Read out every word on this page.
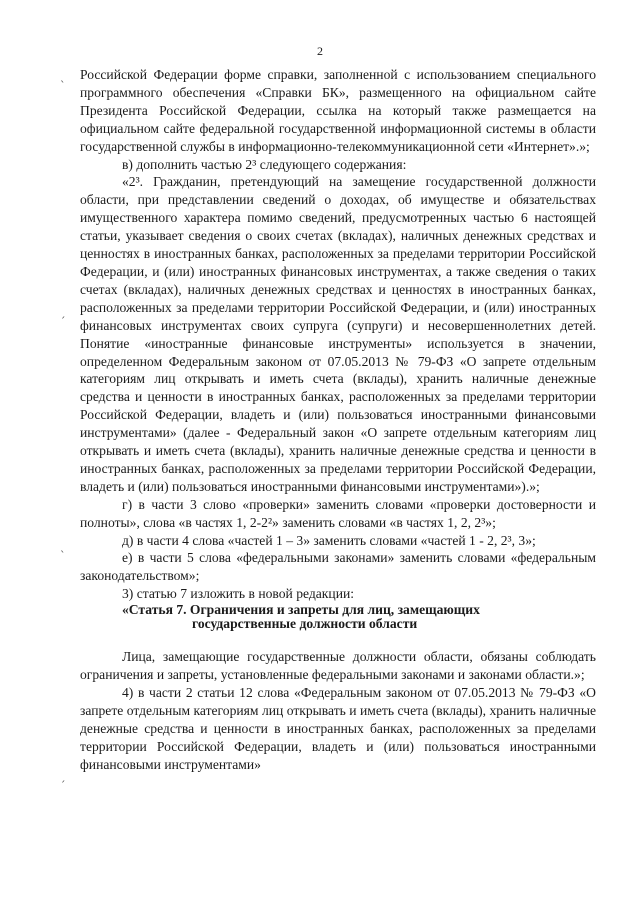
2
ˎ
ˏ
ˎ
ˏ

Российской Федерации форме справки, заполненной с использованием специального программного обеспечения «Справки БК», размещенного на официальном сайте Президента Российской Федерации, ссылка на который также размещается на официальном сайте федеральной государственной информационной системы в области государственной службы в информационно-телекоммуникационной сети «Интернет».»;

в) дополнить частью 2³ следующего содержания:

«2³. Гражданин, претендующий на замещение государственной должности области, при представлении сведений о доходах, об имуществе и обязательствах имущественного характера помимо сведений, предусмотренных частью 6 настоящей статьи, указывает сведения о своих счетах (вкладах), наличных денежных средствах и ценностях в иностранных банках, расположенных за пределами территории Российской Федерации, и (или) иностранных финансовых инструментах, а также сведения о таких счетах (вкладах), наличных денежных средствах и ценностях в иностранных банках, расположенных за пределами территории Российской Федерации, и (или) иностранных финансовых инструментах своих супруга (супруги) и несовершеннолетних детей. Понятие «иностранные финансовые инструменты» используется в значении, определенном Федеральным законом от 07.05.2013 № 79-ФЗ «О запрете отдельным категориям лиц открывать и иметь счета (вклады), хранить наличные денежные средства и ценности в иностранных банках, расположенных за пределами территории Российской Федерации, владеть и (или) пользоваться иностранными финансовыми инструментами» (далее - Федеральный закон «О запрете отдельным категориям лиц открывать и иметь счета (вклады), хранить наличные денежные средства и ценности в иностранных банках, расположенных за пределами территории Российской Федерации, владеть и (или) пользоваться иностранными финансовыми инструментами»).»;

г) в части 3 слово «проверки» заменить словами «проверки достоверности и полноты», слова «в частях 1, 2-2²» заменить словами «в частях 1, 2, 2³»;

д) в части 4 слова «частей 1 – 3» заменить словами «частей 1 - 2, 2³, 3»;

е) в части 5 слова «федеральными законами» заменить словами «федеральным законодательством»;

3) статью 7 изложить в новой редакции:

«Статья 7. Ограничения и запреты для лиц, замещающих
государственные должности области

Лица, замещающие государственные должности области, обязаны соблюдать ограничения и запреты, установленные федеральными законами и законами области.»;

4) в части 2 статьи 12 слова «Федеральным законом от 07.05.2013 № 79-ФЗ «О запрете отдельным категориям лиц открывать и иметь счета (вклады), хранить наличные денежные средства и ценности в иностранных банках, расположенных за пределами территории Российской Федерации, владеть и (или) пользоваться иностранными финансовыми инструментами»
